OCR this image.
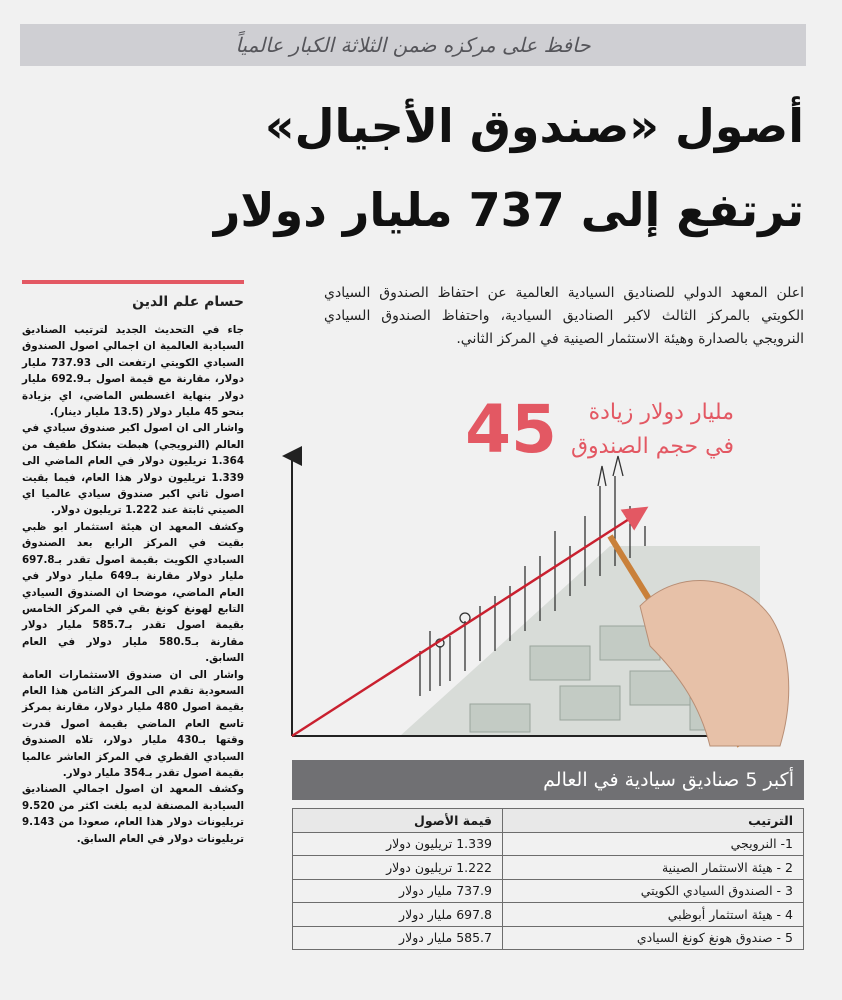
حافظ على مركزه ضمن الثلاثة الكبار عالمياً
أصول «صندوق الأجيال»
ترتفع إلى 737 مليار دولار
حسام علم الدين

جاء في التحديث الجديد لترتيب الصناديق السيادية العالمية ان اجمالي اصول الصندوق السيادي الكويتي ارتفعت الى 737.93 مليار دولار، مقارنة مع قيمة اصول بـ692.9 مليار دولار بنهاية اغسطس الماضي، اي بزيادة بنحو 45 مليار دولار (13.5 مليار دينار).

واشار الى ان اصول اكبر صندوق سيادي في العالم (النرويجي) هبطت بشكل طفيف من 1.364 تريليون دولار في العام الماضي الى 1.339 تريليون دولار هذا العام، فيما بقيت اصول ثاني اكبر صندوق سيادي عالميا اي الصيني ثابتة عند 1.222 تريليون دولار.

وكشف المعهد ان هيئة استثمار ابو ظبي بقيت في المركز الرابع بعد الصندوق السيادي الكويت بقيمة اصول تقدر بـ697.8 مليار دولار مقارنة بـ649 مليار دولار في العام الماضي، موضحا ان الصندوق السيادي التابع لهونغ كونغ بقي في المركز الخامس بقيمة اصول تقدر بـ585.7 مليار دولار مقارنة بـ580.5 مليار دولار في العام السابق.

واشار الى ان صندوق الاستثمارات العامة السعودية تقدم الى المركز الثامن هذا العام بقيمة اصول 480 مليار دولار، مقارنة بمركز تاسع العام الماضي بقيمة اصول قدرت وقتها بـ430 مليار دولار، تلاه الصندوق السيادي القطري في المركز العاشر عالميا بقيمة اصول تقدر بـ354 مليار دولار.

وكشف المعهد ان اصول اجمالي الصناديق السيادية المصنفة لديه بلغت اكثر من 9.520 تريليونات دولار هذا العام، صعودا من 9.143 تريليونات دولار في العام السابق.

اعلن المعهد الدولي للصناديق السيادية العالمية عن احتفاظ الصندوق السيادي الكويتي بالمركز الثالث لاكبر الصناديق السيادية، واحتفاظ الصندوق السيادي النرويجي بالصدارة وهيئة الاستثمار الصينية في المركز الثاني.
45	مليار دولار زيادة
في حجم الصندوق
أكبر 5 صناديق سيادية في العالم
الترتيب	قيمة الأصول
1- النرويجي	1.339 تريليون دولار
2 - هيئة الاستثمار الصينية	1.222 تريليون دولار
3 - الصندوق السيادي الكويتي	737.9 مليار دولار
4 - هيئة استثمار أبوظبي	697.8 مليار دولار
5 - صندوق هونغ كونغ السيادي	585.7 مليار دولار
